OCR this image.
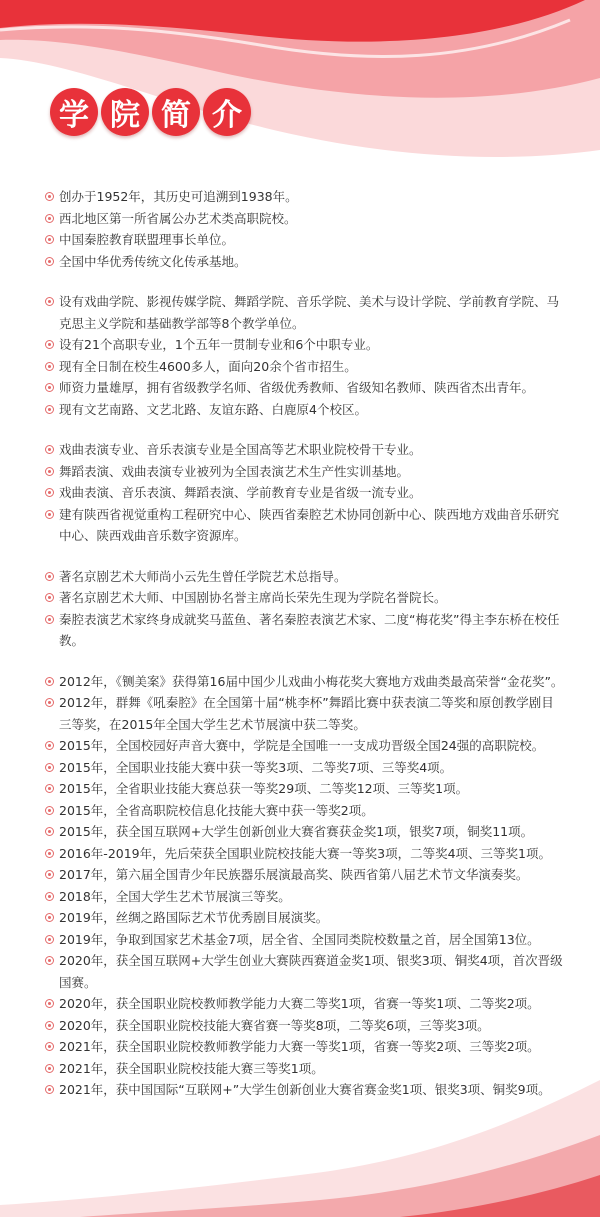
学 院 简 介
创办于1952年，其历史可追溯到1938年。
西北地区第一所省属公办艺术类高职院校。
中国秦腔教育联盟理事长单位。
全国中华优秀传统文化传承基地。
设有戏曲学院、影视传媒学院、舞蹈学院、音乐学院、美术与设计学院、学前教育学院、马克思主义学院和基础教学部等8个教学单位。
设有21个高职专业，1个五年一贯制专业和6个中职专业。
现有全日制在校生4600多人，面向20余个省市招生。
师资力量雄厚，拥有省级教学名师、省级优秀教师、省级知名教师、陕西省杰出青年。
现有文艺南路、文艺北路、友谊东路、白鹿原4个校区。
戏曲表演专业、音乐表演专业是全国高等艺术职业院校骨干专业。
舞蹈表演、戏曲表演专业被列为全国表演艺术生产性实训基地。
戏曲表演、音乐表演、舞蹈表演、学前教育专业是省级一流专业。
建有陕西省视觉重构工程研究中心、陕西省秦腔艺术协同创新中心、陕西地方戏曲音乐研究中心、陕西戏曲音乐数字资源库。
著名京剧艺术大师尚小云先生曾任学院艺术总指导。
著名京剧艺术大师、中国剧协名誉主席尚长荣先生现为学院名誉院长。
秦腔表演艺术家终身成就奖马蓝鱼、著名秦腔表演艺术家、二度“梅花奖”得主李东桥在校任教。
2012年，《铡美案》获得第16届中国少儿戏曲小梅花奖大赛地方戏曲类最高荣誉“金花奖”。
2012年，群舞《吼秦腔》在全国第十届“桃李杯”舞蹈比赛中获表演二等奖和原创教学剧目三等奖，在2015年全国大学生艺术节展演中获二等奖。
2015年，全国校园好声音大赛中，学院是全国唯一一支成功晋级全国24强的高职院校。
2015年，全国职业技能大赛中获一等奖3项、二等奖7项、三等奖4项。
2015年，全省职业技能大赛总获一等奖29项、二等奖12项、三等奖1项。
2015年，全省高职院校信息化技能大赛中获一等奖2项。
2015年，获全国互联网+大学生创新创业大赛省赛获金奖1项，银奖7项，铜奖11项。
2016年-2019年，先后荣获全国职业院校技能大赛一等奖3项，二等奖4项、三等奖1项。
2017年，第六届全国青少年民族器乐展演最高奖、陕西省第八届艺术节文华演奏奖。
2018年，全国大学生艺术节展演三等奖。
2019年，丝绸之路国际艺术节优秀剧目展演奖。
2019年，争取到国家艺术基金7项，居全省、全国同类院校数量之首，居全国第13位。
2020年，获全国互联网+大学生创业大赛陕西赛道金奖1项、银奖3项、铜奖4项，首次晋级国赛。
2020年，获全国职业院校教师教学能力大赛二等奖1项，省赛一等奖1项、二等奖2项。
2020年，获全国职业院校技能大赛省赛一等奖8项，二等奖6项，三等奖3项。
2021年，获全国职业院校教师教学能力大赛一等奖1项，省赛一等奖2项、三等奖2项。
2021年，获全国职业院校技能大赛三等奖1项。
2021年，获中国国际“互联网+”大学生创新创业大赛省赛金奖1项、银奖3项、铜奖9项。
